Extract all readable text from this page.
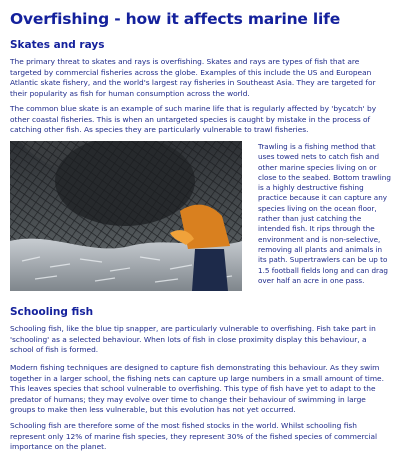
Overfishing - how it affects marine life
Skates and rays
The primary threat to skates and rays is overfishing. Skates and rays are types of fish that are targeted by commercial fisheries across the globe. Examples of this include the US and European Atlantic skate fishery, and the world's largest ray fisheries in Southeast Asia. They are targeted for their popularity as fish for human consumption across the world.
The common blue skate is an example of such marine life that is regularly affected by 'bycatch' by other coastal fisheries. This is when an untargeted species is caught by mistake in the process of catching other fish. As species they are particularly vulnerable to trawl fisheries.
Trawling is a fishing method that uses towed nets to catch fish and other marine species living on or close to the seabed. Bottom trawling is a highly destructive fishing practice because it can capture any species living on the ocean floor, rather than just catching the intended fish. It rips through the environment and is non-selective, removing all plants and animals in its path. Supertrawlers can be up to 1.5 football fields long and can drag over half an acre in one pass.
Schooling fish
Schooling fish, like the blue tip snapper, are particularly vulnerable to overfishing. Fish take part in 'schooling' as a selected behaviour. When lots of fish in close proximity display this behaviour, a school of fish is formed.
Modern fishing techniques are designed to capture fish demonstrating this behaviour. As they swim together in a larger school, the fishing nets can capture up large numbers in a small amount of time. This leaves species that school vulnerable to overfishing. This type of fish have yet to adapt to the predator of humans; they may evolve over time to change their behaviour of swimming in large groups to make then less vulnerable, but this evolution has not yet occurred.
Schooling fish are therefore some of the most fished stocks in the world. Whilst schooling fish represent only 12% of marine fish species, they represent 30% of the fished species of commercial importance on the planet.
